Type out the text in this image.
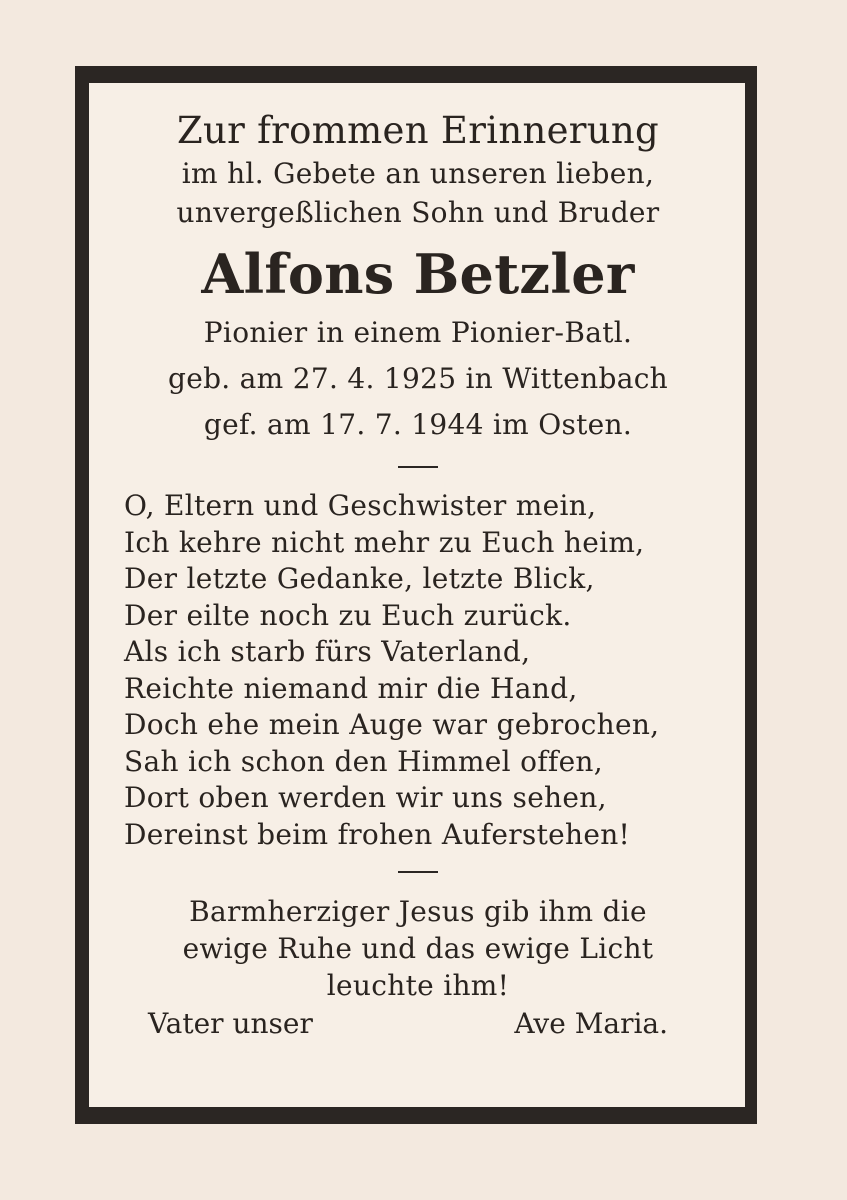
Zur frommen Erinnerung
im hl. Gebete an unseren lieben,
unvergeßlichen Sohn und Bruder
Alfons Betzler
Pionier in einem Pionier-Batl.
geb. am 27. 4. 1925 in Wittenbach
gef. am 17. 7. 1944 im Osten.
O, Eltern und Geschwister mein,
Ich kehre nicht mehr zu Euch heim,
Der letzte Gedanke, letzte Blick,
Der eilte noch zu Euch zurück.
Als ich starb fürs Vaterland,
Reichte niemand mir die Hand,
Doch ehe mein Auge war gebrochen,
Sah ich schon den Himmel offen,
Dort oben werden wir uns sehen,
Dereinst beim frohen Auferstehen!
Barmherziger Jesus gib ihm die
ewige Ruhe und das ewige Licht
leuchte ihm!
Vater unser	Ave Maria.
